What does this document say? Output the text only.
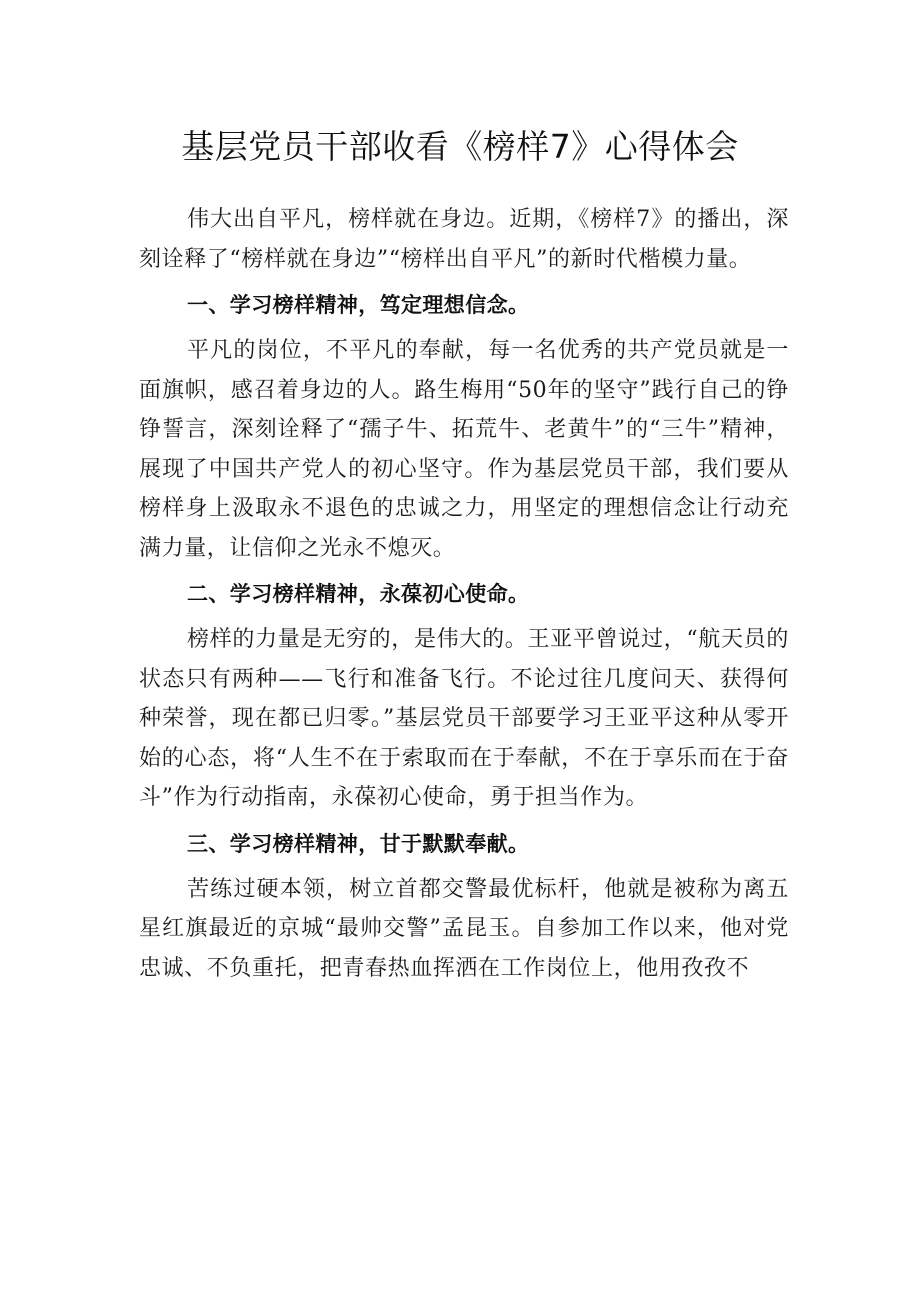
基层党员干部收看《榜样7》心得体会

伟大出自平凡，榜样就在身边。近期，《榜样7》的播出，深刻诠释了“榜样就在身边”“榜样出自平凡”的新时代楷模力量。

一、学习榜样精神，笃定理想信念。

平凡的岗位，不平凡的奉献，每一名优秀的共产党员就是一面旗帜，感召着身边的人。路生梅用“50年的坚守”践行自己的铮铮誓言，深刻诠释了“孺子牛、拓荒牛、老黄牛”的“三牛”精神，展现了中国共产党人的初心坚守。作为基层党员干部，我们要从榜样身上汲取永不退色的忠诚之力，用坚定的理想信念让行动充满力量，让信仰之光永不熄灭。

二、学习榜样精神，永葆初心使命。

榜样的力量是无穷的，是伟大的。王亚平曾说过，“航天员的状态只有两种——飞行和准备飞行。不论过往几度问天、获得何种荣誉，现在都已归零。”基层党员干部要学习王亚平这种从零开始的心态，将“人生不在于索取而在于奉献，不在于享乐而在于奋斗”作为行动指南，永葆初心使命，勇于担当作为。

三、学习榜样精神，甘于默默奉献。

苦练过硬本领，树立首都交警最优标杆，他就是被称为离五星红旗最近的京城“最帅交警”孟昆玉。自参加工作以来，他对党忠诚、不负重托，把青春热血挥洒在工作岗位上，他用孜孜不
